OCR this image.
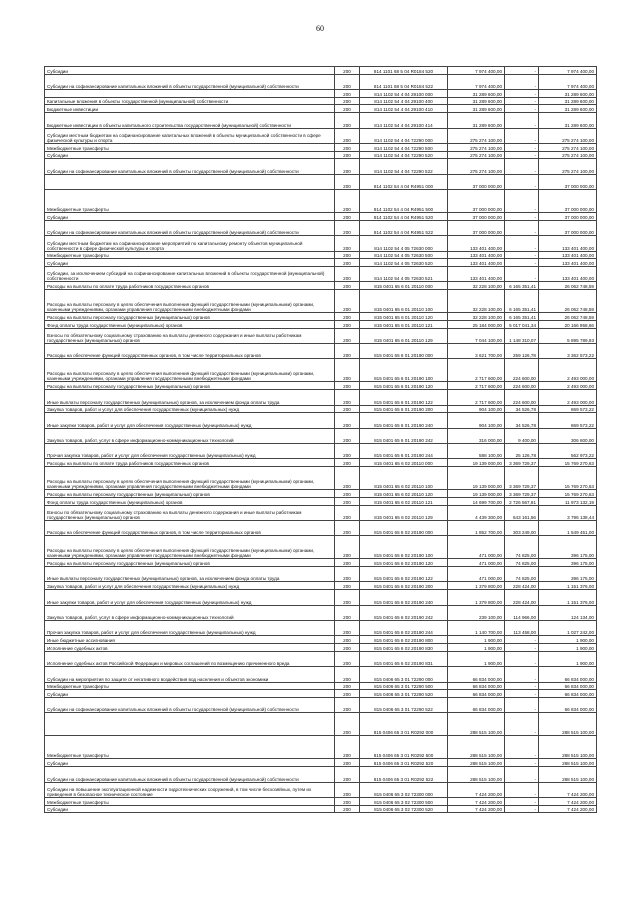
60
Субсидии	200	814 1101 68 5 04 R0184 520	7 974 400,00	-	7 974 400,00
Субсидии на софинансирование капитальных вложений в объекты государственной (муниципальной) собственности	200	814 1101 68 5 04 R0184 522	7 974 400,00	-	7 974 400,00
	200	814 1102 54 4 04 29100 000	31 289 600,00	-	31 289 600,00
Капитальные вложения в объекты государственной (муниципальной) собственности	200	814 1102 54 4 04 29100 400	31 289 600,00	-	31 289 600,00
Бюджетные инвестиции	200	814 1102 54 4 04 29100 410	31 289 600,00	-	31 289 600,00
Бюджетные инвестиции в объекты капитального строительства государственной (муниципальной) собственности	200	814 1102 54 4 04 29100 414	31 289 600,00	-	31 289 600,00
Субсидии местным бюджетам на софинансирование капитальных вложений в объекты муниципальной собственности в сфере физической культуры и спорта	200	814 1102 54 4 04 72290 000	275 274 100,00	-	275 274 100,00
Межбюджетные трансферты	200	814 1102 54 4 04 72290 500	275 274 100,00	-	275 274 100,00
Субсидии	200	814 1102 54 4 04 72290 520	275 274 100,00	-	275 274 100,00
Субсидии на софинансирование капитальных вложений в объекты государственной (муниципальной) собственности	200	814 1102 54 4 04 72290 522	275 274 100,00	-	275 274 100,00
	200	814 1102 54 4 04 R4951 000	37 000 000,00	-	37 000 000,00
Межбюджетные трансферты	200	814 1102 54 4 04 R4951 500	37 000 000,00	-	37 000 000,00
Субсидии	200	814 1102 54 4 04 R4951 520	37 000 000,00	-	37 000 000,00
Субсидии на софинансирование капитальных вложений в объекты государственной (муниципальной) собственности	200	814 1102 54 4 04 R4951 522	37 000 000,00	-	37 000 000,00
Субсидии местным бюджетам на софинансирование мероприятий по капитальному ремонту объектов муниципальной собственности в сфере физической культуры и спорта	200	814 1102 54 4 05 72630 000	133 401 400,00	-	133 401 400,00
Межбюджетные трансферты	200	814 1102 54 4 05 72630 500	133 401 400,00	-	133 401 400,00
Субсидии	200	814 1102 54 4 05 72630 520	133 401 400,00	-	133 401 400,00
Субсидии, за исключением субсидий на софинансирование капитальных вложений в объекты государственной (муниципальной) собственности	200	814 1102 54 4 05 72630 521	133 401 400,00	-	133 401 400,00
Расходы на выплаты по оплате труда работников государственных органов	200	815 0401 65 6 01 20110 000	32 228 100,00	6 165 351,41	26 062 748,59
Расходы на выплаты персоналу в целях обеспечения выполнения функций государственными (муниципальными) органами, казенными учреждениями, органами управления государственными внебюджетными фондами	200	815 0401 65 6 01 20110 100	32 228 100,00	6 165 351,41	26 062 748,59
Расходы на выплаты персоналу государственных (муниципальных) органов	200	815 0401 65 6 01 20110 120	32 228 100,00	6 165 351,41	26 062 748,59
Фонд оплаты труда государственных (муниципальных) органов	200	815 0401 65 6 01 20110 121	25 184 000,00	5 017 041,34	20 166 958,66
Взносы по обязательному социальному страхованию на выплаты денежного содержания и иные выплаты работникам государственных (муниципальных) органов	200	815 0401 65 6 01 20110 129	7 044 100,00	1 148 310,07	5 895 789,93
Расходы на обеспечение функций государственных органов, в том числе территориальных органов	200	815 0401 65 6 01 20190 000	3 621 700,00	259 126,78	3 362 573,22
Расходы на выплаты персоналу в целях обеспечения выполнения функций государственными (муниципальными) органами, казенными учреждениями, органами управления государственными внебюджетными фондами	200	815 0401 65 6 01 20190 100	2 717 600,00	224 600,00	2 493 000,00
Расходы на выплаты персоналу государственных (муниципальных) органов	200	815 0401 65 6 01 20190 120	2 717 600,00	224 600,00	2 493 000,00
Иные выплаты персоналу государственных (муниципальных) органов, за исключением фонда оплаты труда	200	815 0401 65 6 01 20190 122	2 717 600,00	224 600,00	2 493 000,00
Закупка товаров, работ и услуг для обеспечения государственных (муниципальных) нужд	200	815 0401 65 6 01 20190 200	904 100,00	34 526,78	869 573,22
Иные закупки товаров, работ и услуг для обеспечения государственных (муниципальных) нужд	200	815 0401 65 6 01 20190 240	904 100,00	34 526,78	869 573,22
Закупка товаров, работ, услуг в сфере информационно-коммуникационных технологий	200	815 0401 65 6 01 20190 242	316 000,00	9 400,00	306 600,00
Прочая закупка товаров, работ и услуг для обеспечения государственных (муниципальных) нужд	200	815 0401 65 6 01 20190 244	588 100,00	25 126,78	562 973,22
Расходы на выплаты по оплате труда работников государственных органов	200	815 0401 65 6 02 20110 000	19 139 000,00	3 369 729,37	15 769 270,63
Расходы на выплаты персоналу в целях обеспечения выполнения функций государственными (муниципальными) органами, казенными учреждениями, органами управления государственными внебюджетными фондами	200	815 0401 65 6 02 20110 100	19 139 000,00	3 369 729,37	15 769 270,63
Расходы на выплаты персоналу государственных (муниципальных) органов	200	815 0401 65 6 02 20110 120	19 139 000,00	3 369 729,37	15 769 270,63
Фонд оплаты труда государственных (муниципальных) органов	200	815 0401 65 6 02 20110 121	14 699 700,00	2 726 567,81	11 973 132,19
Взносы по обязательному социальному страхованию на выплаты денежного содержания и иные выплаты работникам государственных (муниципальных) органов	200	815 0401 65 6 02 20110 129	4 439 300,00	643 161,56	3 796 138,44
Расходы на обеспечение функций государственных органов, в том числе территориальных органов	200	815 0401 65 6 02 20190 000	1 852 700,00	303 249,00	1 549 451,00
Расходы на выплаты персоналу в целях обеспечения выполнения функций государственными (муниципальными) органами, казенными учреждениями, органами управления государственными внебюджетными фондами	200	815 0401 65 6 02 20190 100	471 000,00	74 825,00	396 175,00
Расходы на выплаты персоналу государственных (муниципальных) органов	200	815 0401 65 6 02 20190 120	471 000,00	74 825,00	396 175,00
Иные выплаты персоналу государственных (муниципальных) органов, за исключением фонда оплаты труда	200	815 0401 65 6 02 20190 122	471 000,00	74 825,00	396 175,00
Закупка товаров, работ и услуг для обеспечения государственных (муниципальных) нужд	200	815 0401 65 6 02 20190 200	1 379 800,00	228 424,00	1 151 376,00
Иные закупки товаров, работ и услуг для обеспечения государственных (муниципальных) нужд	200	815 0401 65 6 02 20190 240	1 379 800,00	228 424,00	1 151 376,00
Закупка товаров, работ, услуг в сфере информационно-коммуникационных технологий	200	815 0401 65 6 02 20190 242	239 100,00	114 966,00	124 134,00
Прочая закупка товаров, работ и услуг для обеспечения государственных (муниципальных) нужд	200	815 0401 65 6 02 20190 244	1 140 700,00	113 458,00	1 027 242,00
Иные бюджетные ассигнования	200	815 0401 65 6 02 20190 800	1 900,00	-	1 900,00
Исполнение судебных актов	200	815 0401 65 6 02 20190 830	1 900,00	-	1 900,00
Исполнение судебных актов Российской Федерации и мировых соглашений по возмещению причиненного вреда	200	815 0401 65 6 02 20190 831	1 900,00	-	1 900,00
Субсидии на мероприятия по защите от негативного воздействия вод населения и объектов экономики	200	815 0406 65 3 01 72290 000	66 834 000,00	-	66 834 000,00
Межбюджетные трансферты	200	815 0406 65 3 01 72290 500	66 834 000,00	-	66 834 000,00
Субсидии	200	815 0406 65 3 01 72290 520	66 834 000,00	-	66 834 000,00
Субсидии на софинансирование капитальных вложений в объекты государственной (муниципальной) собственности	200	815 0406 65 3 01 72290 522	66 834 000,00	-	66 834 000,00
	200	815 0406 65 3 01 R0292 000	288 515 100,00	-	288 515 100,00
Межбюджетные трансферты	200	815 0406 65 3 01 R0292 500	288 515 100,00	-	288 515 100,00
Субсидии	200	815 0406 65 3 01 R0292 520	288 515 100,00	-	288 515 100,00
Субсидии на софинансирование капитальных вложений в объекты государственной (муниципальной) собственности	200	815 0406 65 3 01 R0292 522	288 515 100,00	-	288 515 100,00
Субсидии на повышение эксплуатационной надежности гидротехнических сооружений, в том числе бесхозяйных, путем их приведения в безопасное техническое состояние	200	815 0406 65 3 02 72300 000	7 424 200,00	-	7 424 200,00
Межбюджетные трансферты	200	815 0406 65 3 02 72300 500	7 424 200,00	-	7 424 200,00
Субсидии	200	815 0406 65 3 02 72300 520	7 424 200,00	-	7 424 200,00
